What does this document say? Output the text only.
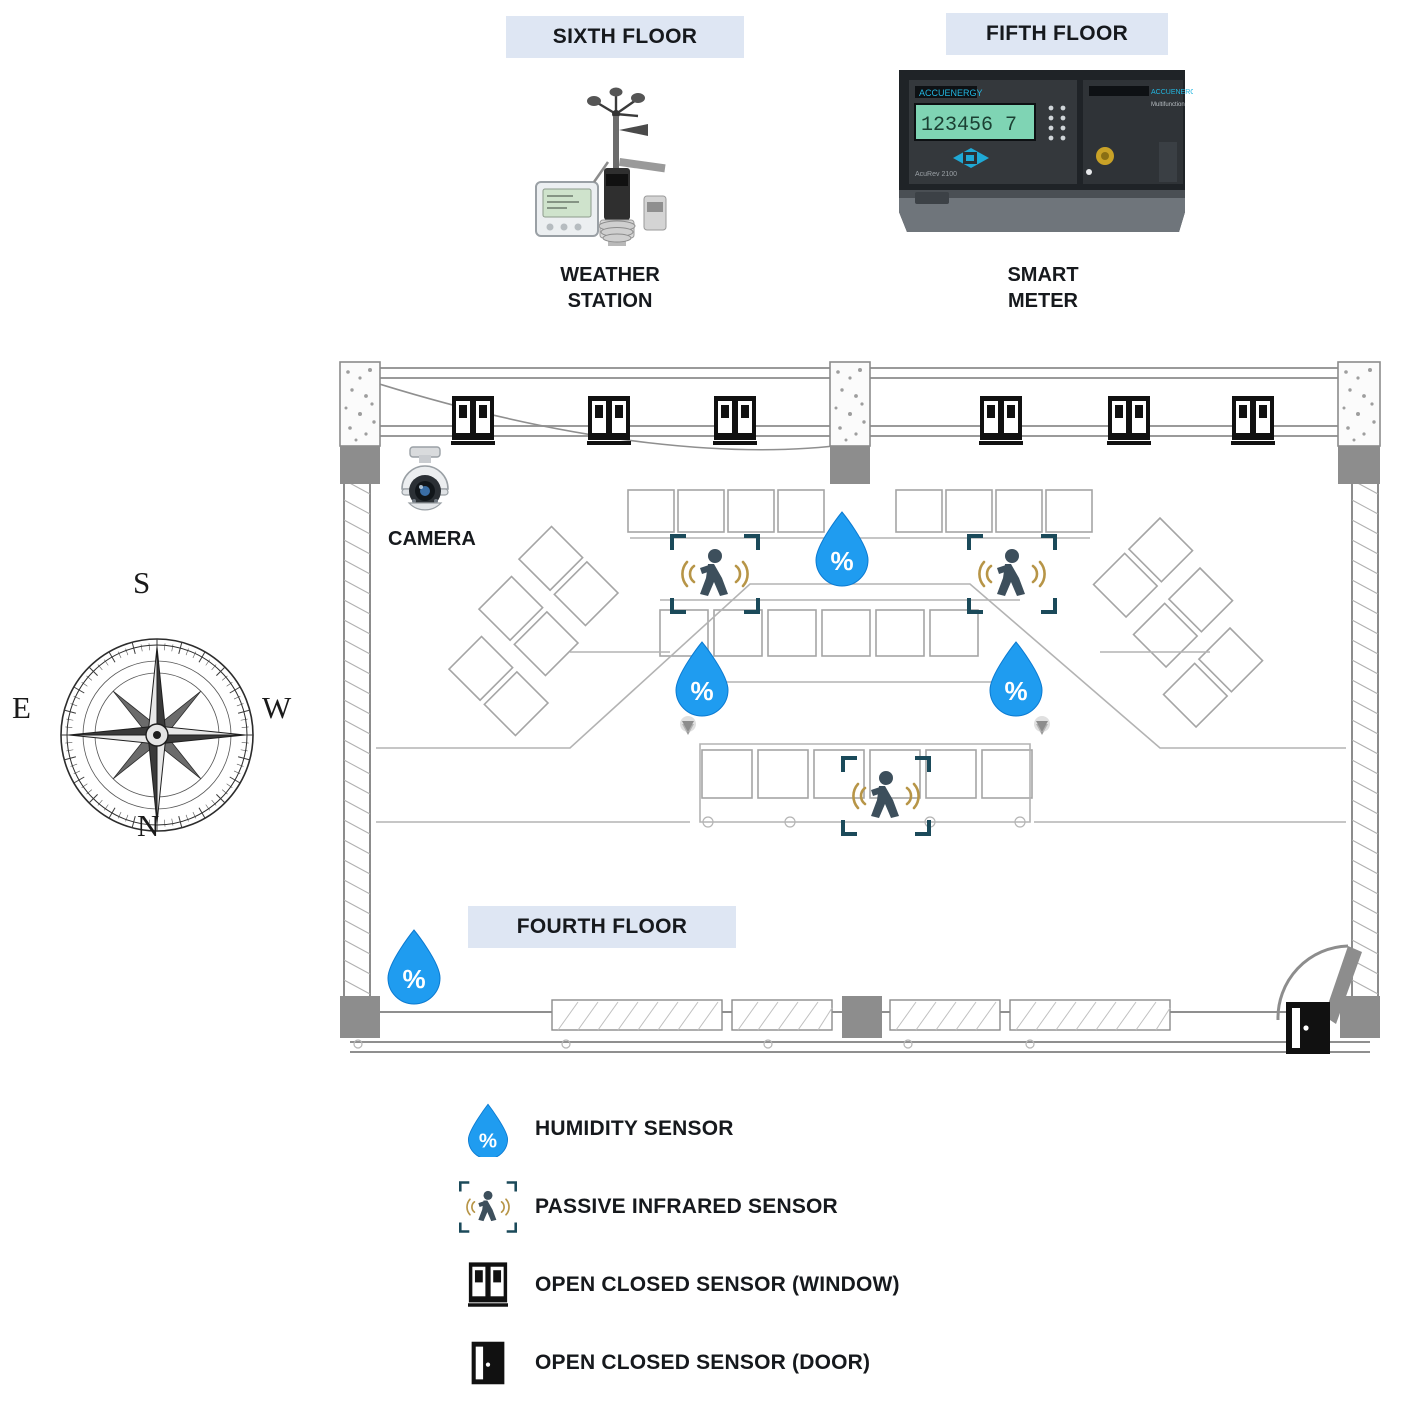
SIXTH FLOOR	FIFTH FLOOR
WEATHER
STATION
ACCUENERGY
123456 7
AcuRev 2100
ACCUENER
Multifunction
SMART
METER
S
W
N
E
%
%	%
%
CAMERA
FOURTH FLOOR
%
HUMIDITY SENSOR
PASSIVE INFRARED SENSOR
OPEN CLOSED SENSOR (WINDOW)
OPEN CLOSED SENSOR (DOOR)
